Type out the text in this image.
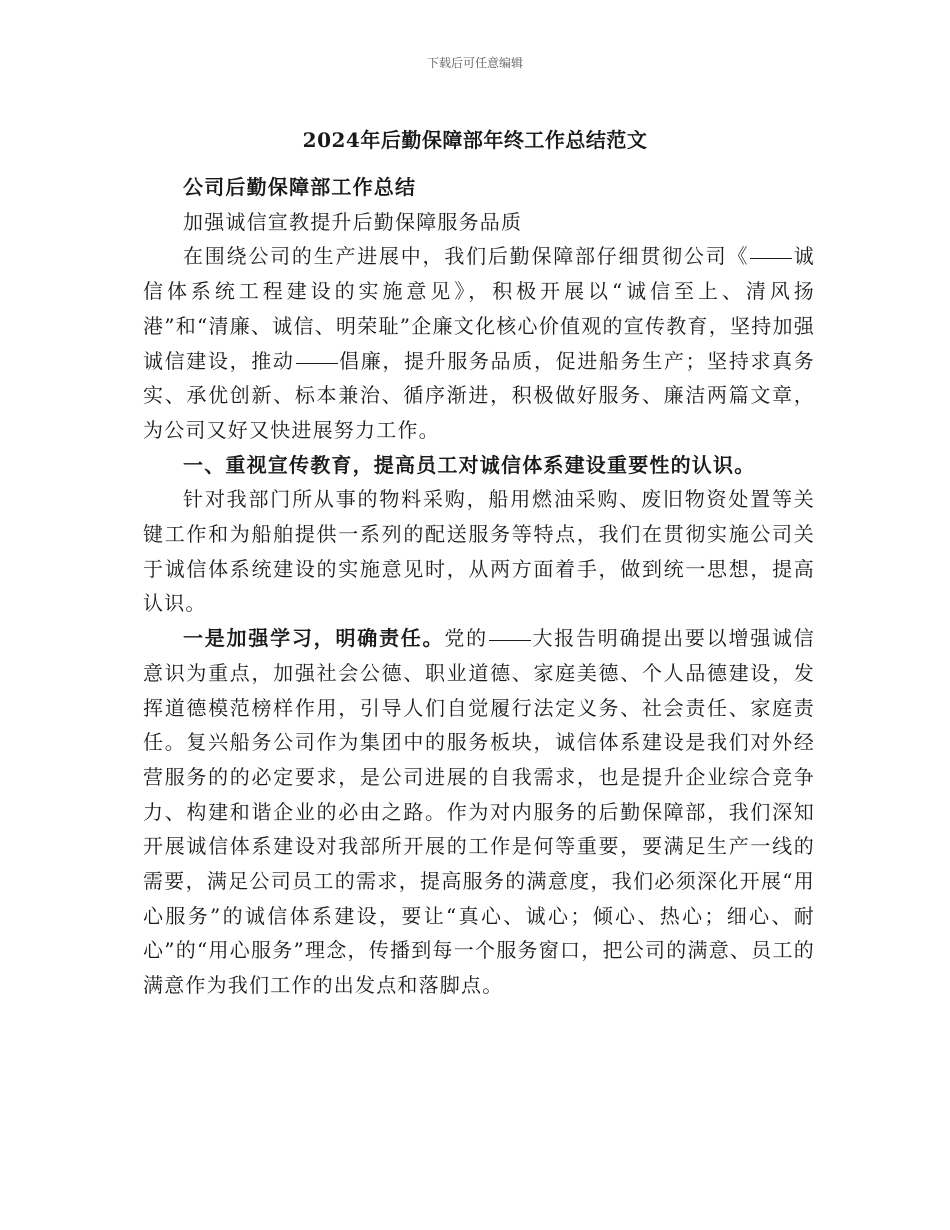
下载后可任意编辑
2024年后勤保障部年终工作总结范文

公司后勤保障部工作总结

加强诚信宣教提升后勤保障服务品质

在围绕公司的生产进展中，我们后勤保障部仔细贯彻公司《 诚信体系统工程建设的实施意见》，积极开展以“诚信至上、清风扬港”和“清廉、诚信、明荣耻”企廉文化核心价值观的宣传教育，坚持加强诚信建设，推动 倡廉，提升服务品质，促进船务生产；坚持求真务实、承优创新、标本兼治、循序渐进，积极做好服务、廉洁两篇文章，为公司又好又快进展努力工作。

一、重视宣传教育，提高员工对诚信体系建设重要性的认识。

针对我部门所从事的物料采购，船用燃油采购、废旧物资处置等关键工作和为船舶提供一系列的配送服务等特点，我们在贯彻实施公司关于诚信体系统建设的实施意见时，从两方面着手，做到统一思想，提高认识。

一是加强学习，明确责任。党的 大报告明确提出要以增强诚信意识为重点，加强社会公德、职业道德、家庭美德、个人品德建设，发挥道德模范榜样作用，引导人们自觉履行法定义务、社会责任、家庭责任。复兴船务公司作为集团中的服务板块，诚信体系建设是我们对外经营服务的的必定要求，是公司进展的自我需求，也是提升企业综合竞争力、构建和谐企业的必由之路。作为对内服务的后勤保障部，我们深知开展诚信体系建设对我部所开展的工作是何等重要，要满足生产一线的需要，满足公司员工的需求，提高服务的满意度，我们必须深化开展“用心服务”的诚信体系建设，要让“真心、诚心；倾心、热心；细心、耐心”的“用心服务”理念，传播到每一个服务窗口，把公司的满意、员工的满意作为我们工作的出发点和落脚点。
